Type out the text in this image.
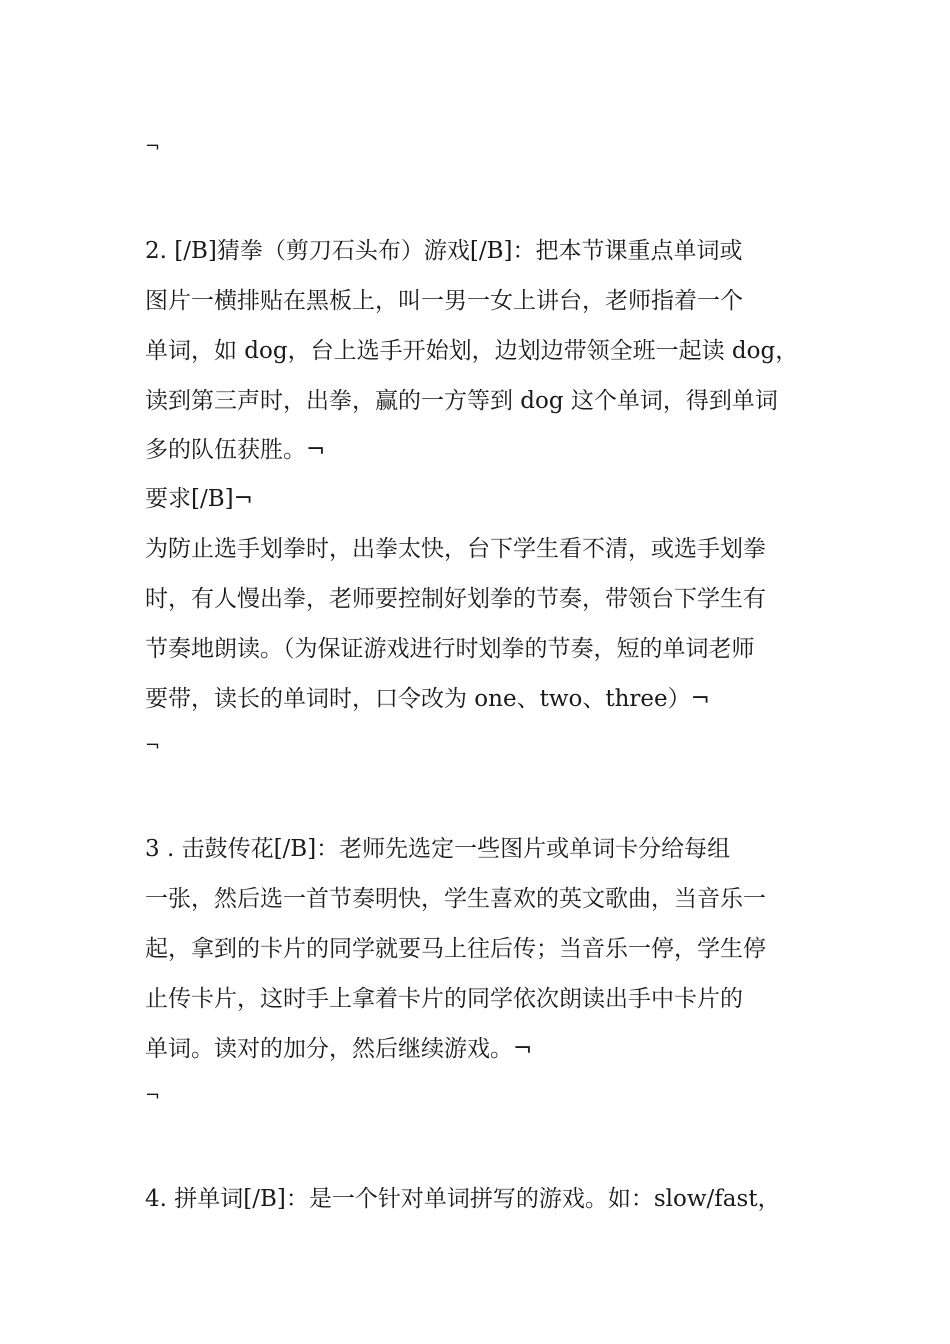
¬
2. [/B]猜拳（剪刀石头布）游戏[/B]：把本节课重点单词或
图片一横排贴在黑板上，叫一男一女上讲台，老师指着一个
单词，如 dog，台上选手开始划，边划边带领全班一起读 dog，
读到第三声时，出拳，赢的一方等到 dog 这个单词，得到单词
多的队伍获胜。¬
要求[/B]¬
为防止选手划拳时，出拳太快，台下学生看不清，或选手划拳
时，有人慢出拳，老师要控制好划拳的节奏，带领台下学生有
节奏地朗读。（为保证游戏进行时划拳的节奏，短的单词老师
要带，读长的单词时，口令改为 one、two、three）¬
¬
3 . 击鼓传花[/B]：老师先选定一些图片或单词卡分给每组
一张，然后选一首节奏明快，学生喜欢的英文歌曲，当音乐一
起，拿到的卡片的同学就要马上往后传；当音乐一停，学生停
止传卡片，这时手上拿着卡片的同学依次朗读出手中卡片的
单词。读对的加分，然后继续游戏。¬
¬
4. 拼单词[/B]：是一个针对单词拼写的游戏。如：slow/fast，
